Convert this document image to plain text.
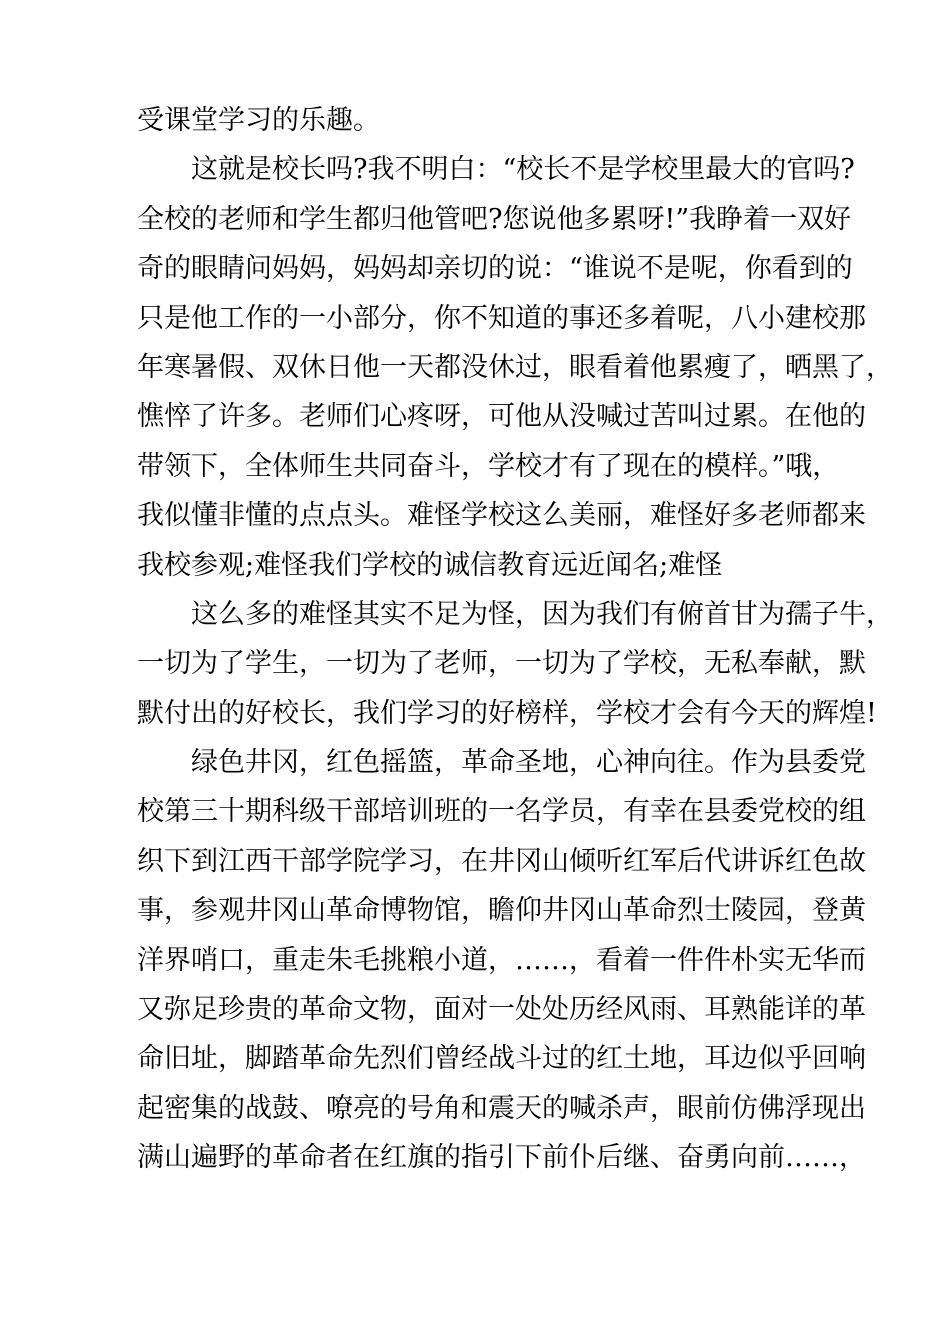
受课堂学习的乐趣。
这就是校长吗?我不明白：“校长不是学校里最大的官吗?
全校的老师和学生都归他管吧?您说他多累呀!”我睁着一双好
奇的眼睛问妈妈，妈妈却亲切的说：“谁说不是呢，你看到的
只是他工作的一小部分，你不知道的事还多着呢，八小建校那
年寒暑假、双休日他一天都没休过，眼看着他累瘦了，晒黑了，
憔悴了许多。老师们心疼呀，可他从没喊过苦叫过累。在他的
带领下，全体师生共同奋斗，学校才有了现在的模样。”哦，
我似懂非懂的点点头。难怪学校这么美丽，难怪好多老师都来
我校参观;难怪我们学校的诚信教育远近闻名;难怪
这么多的难怪其实不足为怪，因为我们有俯首甘为孺子牛，
一切为了学生，一切为了老师，一切为了学校，无私奉献，默
默付出的好校长，我们学习的好榜样，学校才会有今天的辉煌!
绿色井冈，红色摇篮，革命圣地，心神向往。作为县委党
校第三十期科级干部培训班的一名学员，有幸在县委党校的组
织下到江西干部学院学习，在井冈山倾听红军后代讲诉红色故
事，参观井冈山革命博物馆，瞻仰井冈山革命烈士陵园，登黄
洋界哨口，重走朱毛挑粮小道，……，看着一件件朴实无华而
又弥足珍贵的革命文物，面对一处处历经风雨、耳熟能详的革
命旧址，脚踏革命先烈们曾经战斗过的红土地，耳边似乎回响
起密集的战鼓、嘹亮的号角和震天的喊杀声，眼前仿佛浮现出
满山遍野的革命者在红旗的指引下前仆后继、奋勇向前……，
